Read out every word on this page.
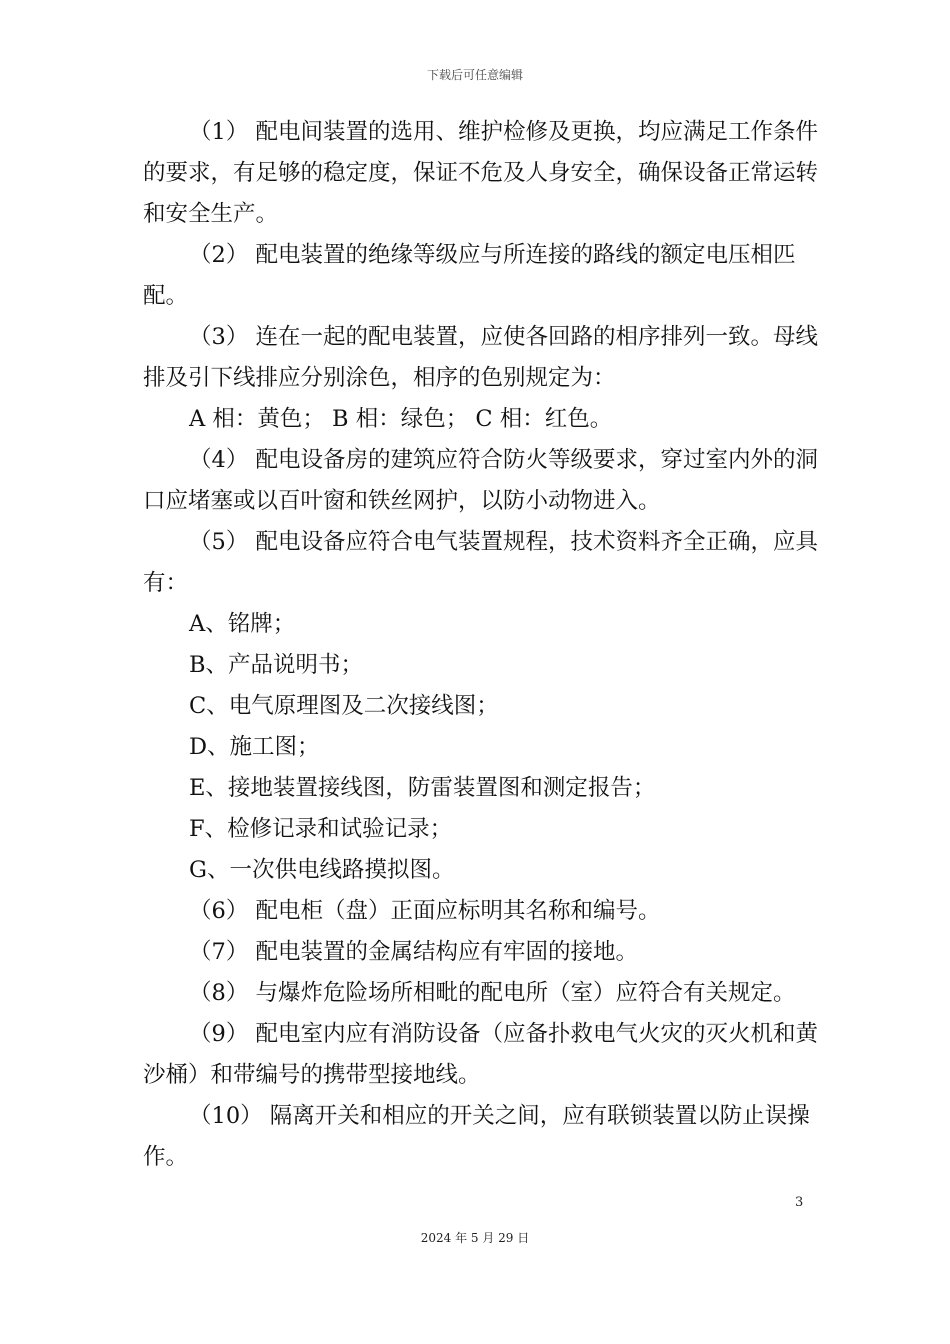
下载后可任意编辑
（1） 配电间装置的选用、维护检修及更换，均应满足工作条件
的要求，有足够的稳定度，保证不危及人身安全，确保设备正常运转
和安全生产。
（2） 配电装置的绝缘等级应与所连接的路线的额定电压相匹
配。
（3） 连在一起的配电装置，应使各回路的相序排列一致。母线
排及引下线排应分别涂色，相序的色别规定为：
A 相：黄色； B 相：绿色； C 相：红色。
（4） 配电设备房的建筑应符合防火等级要求，穿过室内外的洞
口应堵塞或以百叶窗和铁丝网护，以防小动物进入。
（5） 配电设备应符合电气装置规程，技术资料齐全正确，应具
有：
A、铭牌；
B、产品说明书；
C、电气原理图及二次接线图；
D、施工图；
E、接地装置接线图，防雷装置图和测定报告；
F、检修记录和试验记录；
G、一次供电线路摸拟图。
（6） 配电柜（盘）正面应标明其名称和编号。
（7） 配电装置的金属结构应有牢固的接地。
（8） 与爆炸危险场所相毗的配电所（室）应符合有关规定。
（9） 配电室内应有消防设备（应备扑救电气火灾的灭火机和黄
沙桶）和带编号的携带型接地线。
（10） 隔离开关和相应的开关之间，应有联锁装置以防止误操
作。
3
2024 年 5 月 29 日
